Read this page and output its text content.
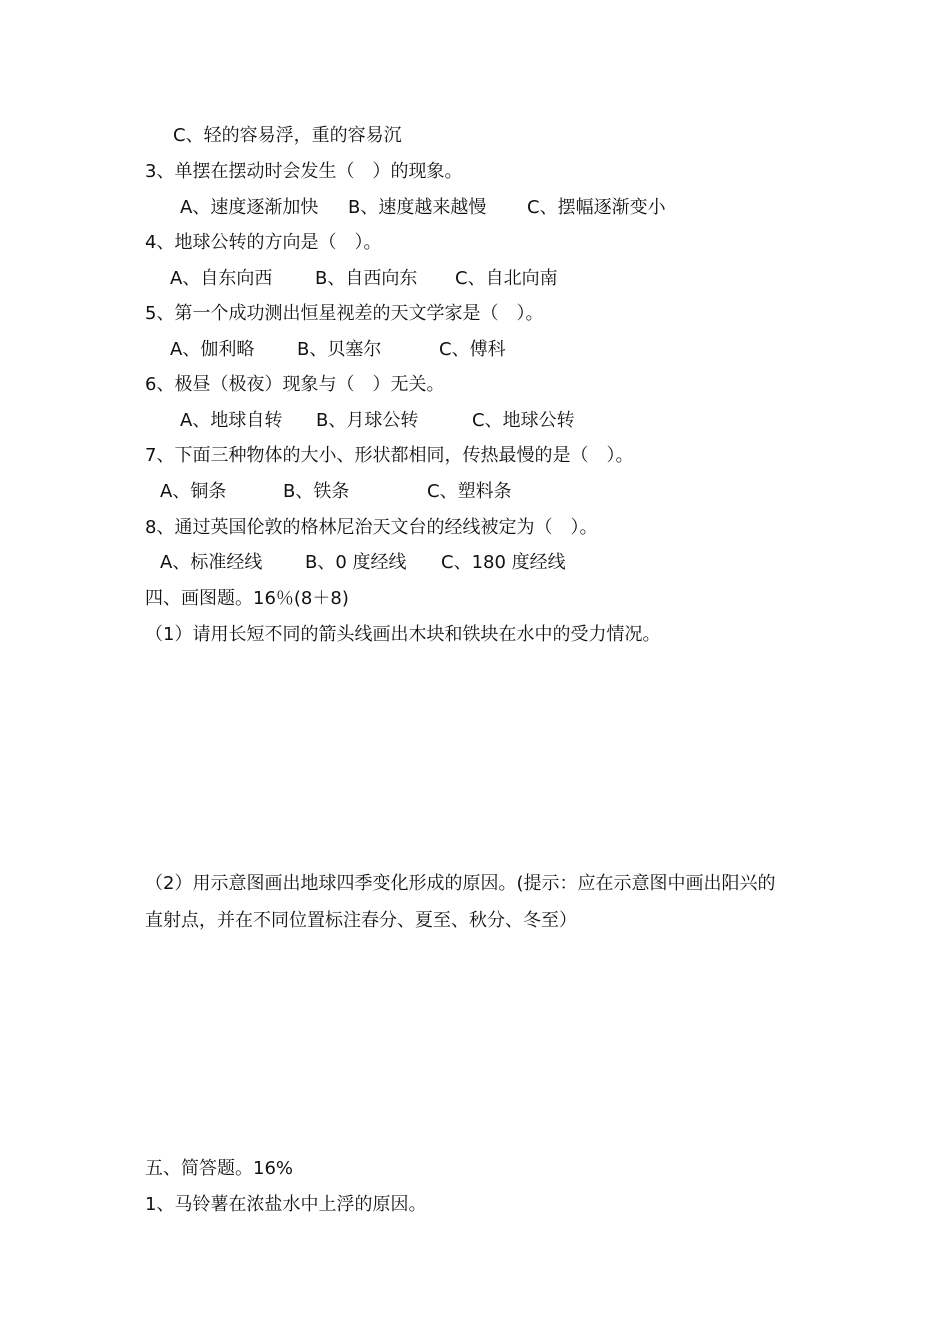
C、轻的容易浮，重的容易沉
3、单摆在摆动时会发生（　）的现象。
A、速度逐渐加快 B、速度越来越慢 C、摆幅逐渐变小
4、地球公转的方向是（　）。
A、自东向西 B、自西向东 C、自北向南
5、第一个成功测出恒星视差的天文学家是（　）。
A、伽利略 B、贝塞尔	C、傅科
6、极昼（极夜）现象与（　）无关。
A、地球自转 B、月球公转	C、地球公转
7、下面三种物体的大小、形状都相同，传热最慢的是（　）。
A、铜条	B、铁条	C、塑料条
8、通过英国伦敦的格林尼治天文台的经线被定为（　）。
A、标准经线 B、0 度经线 C、180 度经线
四、画图题。16％(8＋8)
（1）请用长短不同的箭头线画出木块和铁块在水中的受力情况。
（2）用示意图画出地球四季变化形成的原因。(提示：应在示意图中画出阳兴的
直射点，并在不同位置标注春分、夏至、秋分、冬至）
五、简答题。16%
1、马铃薯在浓盐水中上浮的原因。
